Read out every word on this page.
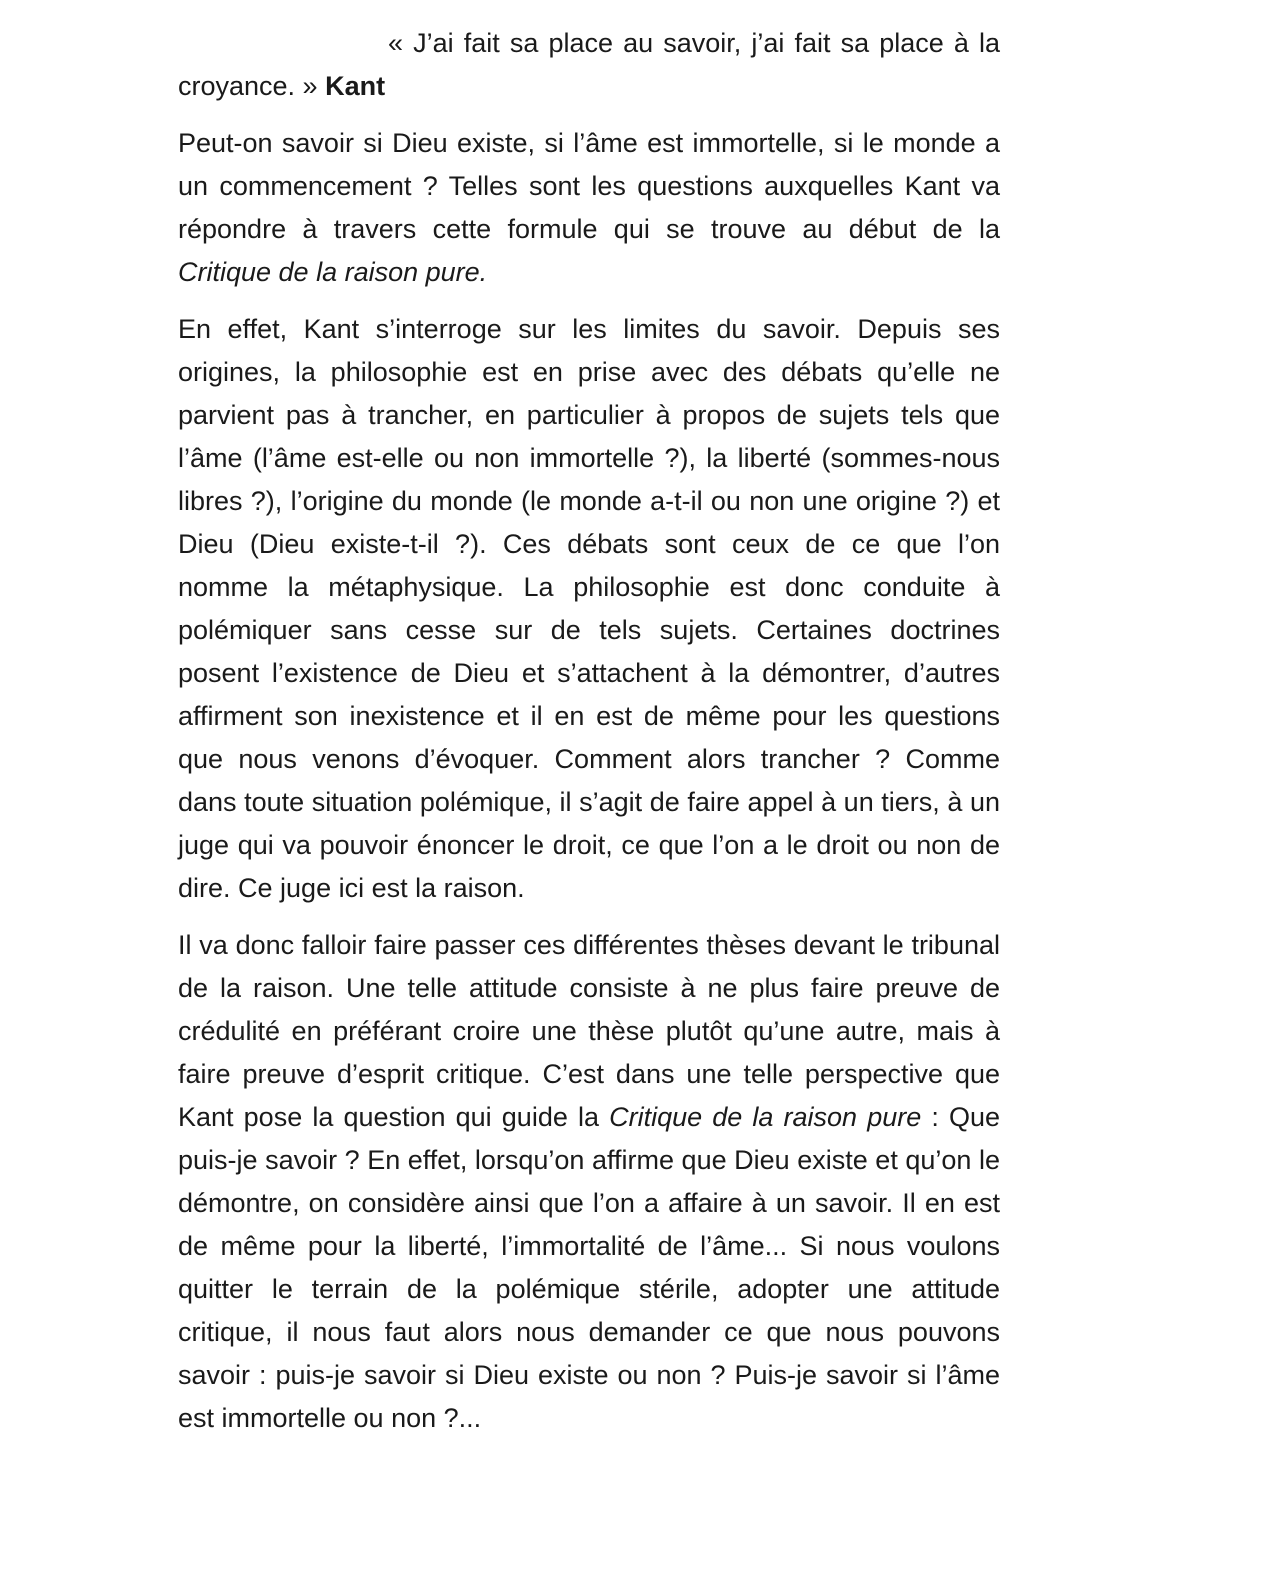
« J’ai fait sa place au savoir, j’ai fait sa place à la croyance. » Kant

Peut-on savoir si Dieu existe, si l’âme est immortelle, si le monde a un commencement ? Telles sont les questions auxquelles Kant va répondre à travers cette formule qui se trouve au début de la Critique de la raison pure.

En effet, Kant s’interroge sur les limites du savoir. Depuis ses origines, la philosophie est en prise avec des débats qu’elle ne parvient pas à trancher, en particulier à propos de sujets tels que l’âme (l’âme est-elle ou non immortelle ?), la liberté (sommes-nous libres ?), l’origine du monde (le monde a-t-il ou non une origine ?) et Dieu (Dieu existe-t-il ?). Ces débats sont ceux de ce que l’on nomme la métaphysique. La philosophie est donc conduite à polémiquer sans cesse sur de tels sujets. Certaines doctrines posent l’existence de Dieu et s’attachent à la démontrer, d’autres affirment son inexistence et il en est de même pour les questions que nous venons d’évoquer. Comment alors trancher ? Comme dans toute situation polémique, il s’agit de faire appel à un tiers, à un juge qui va pouvoir énoncer le droit, ce que l’on a le droit ou non de dire. Ce juge ici est la raison.

Il va donc falloir faire passer ces différentes thèses devant le tribunal de la raison. Une telle attitude consiste à ne plus faire preuve de crédulité en préférant croire une thèse plutôt qu’une autre, mais à faire preuve d’esprit critique. C’est dans une telle perspective que Kant pose la question qui guide la Critique de la raison pure : Que puis-je savoir ? En effet, lorsqu’on affirme que Dieu existe et qu’on le démontre, on considère ainsi que l’on a affaire à un savoir. Il en est de même pour la liberté, l’immortalité de l’âme... Si nous voulons quitter le terrain de la polémique stérile, adopter une attitude critique, il nous faut alors nous demander ce que nous pouvons savoir : puis-je savoir si Dieu existe ou non ? Puis-je savoir si l’âme est immortelle ou non ?...
